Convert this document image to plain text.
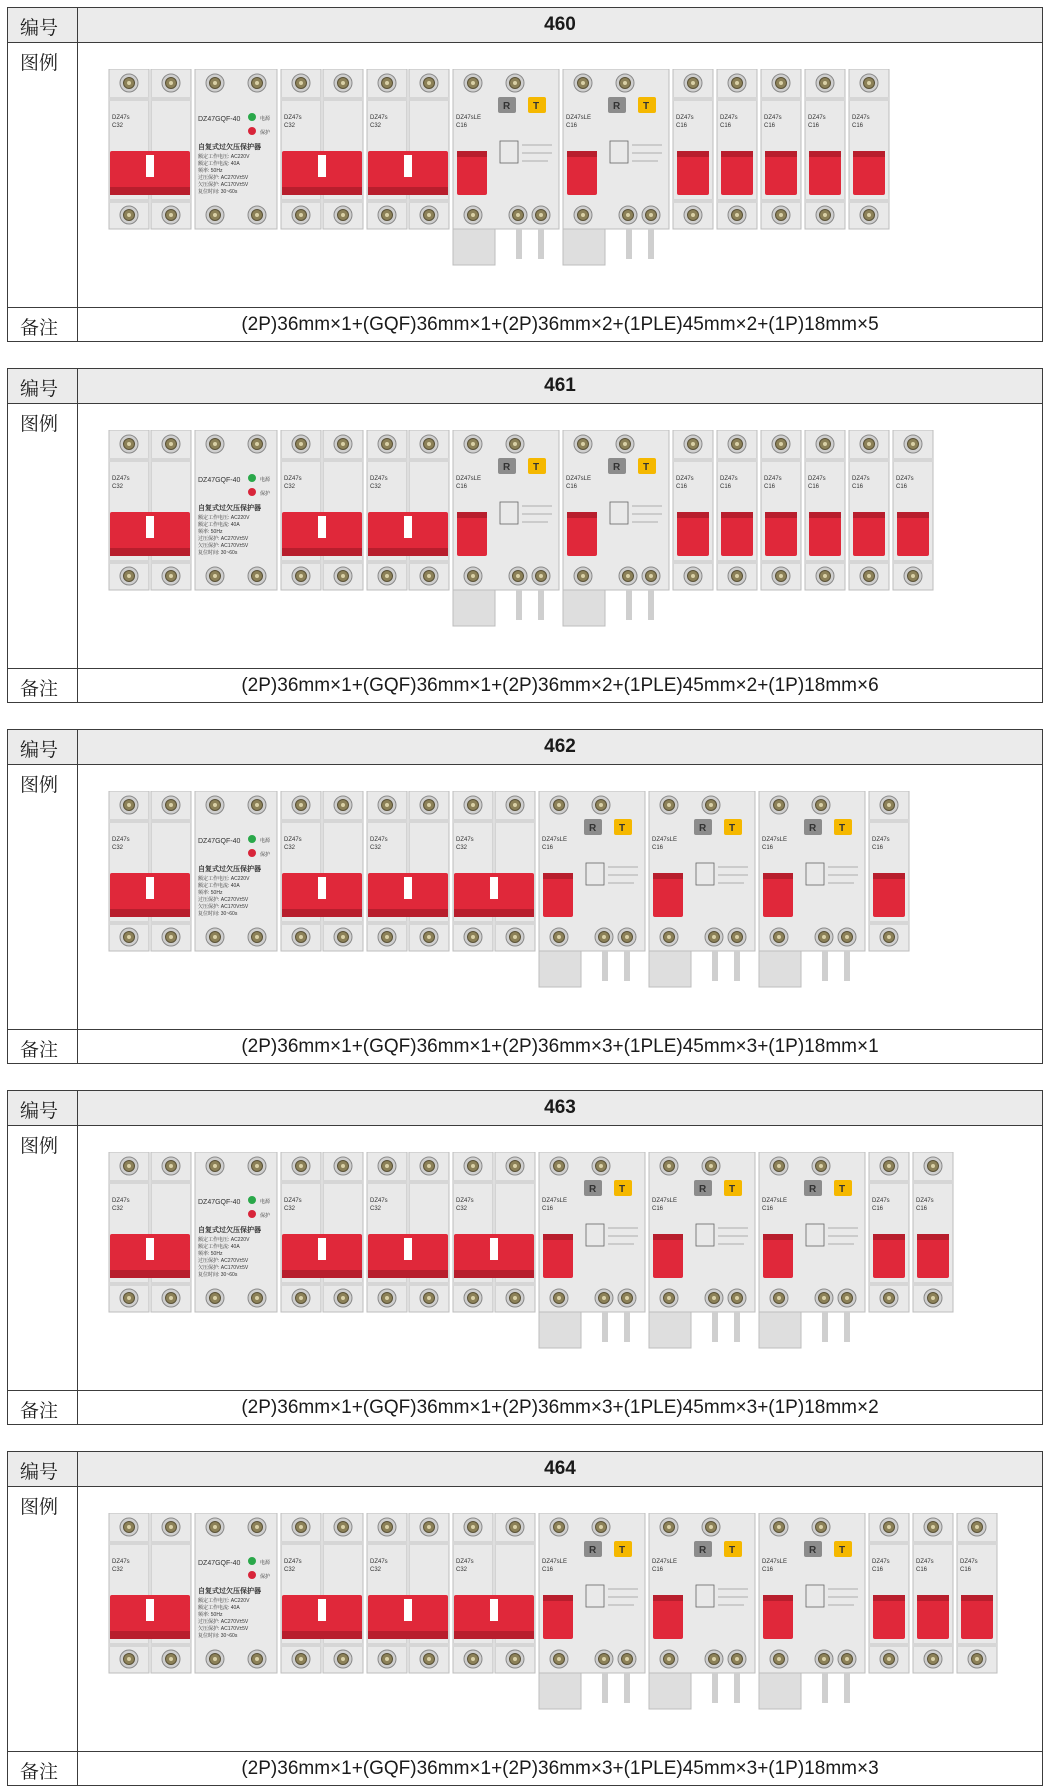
编号	460
图例
DZ47s
C32
DZ47GQF-40	电源
保护
自复式过欠压保护器
额定工作电压: AC220V
额定工作电流: 40A
频率: 50Hz
过压保护: AC270V±5V
欠压保护: AC170V±5V
复位时间: 30~60s
DZ47s
C32
DZ47s
C32
DZ47sLE
C16
R T
DZ47sLE
C16
R T
DZ47s
C16
DZ47s
C16
DZ47s
C16
DZ47s
C16
DZ47s
C16
备注	(2P)36mm×1+(GQF)36mm×1+(2P)36mm×2+(1PLE)45mm×2+(1P)18mm×5
编号	461
图例
DZ47s
C32
DZ47GQF-40	电源
保护
自复式过欠压保护器
额定工作电压: AC220V
额定工作电流: 40A
频率: 50Hz
过压保护: AC270V±5V
欠压保护: AC170V±5V
复位时间: 30~60s
DZ47s
C32
DZ47s
C32
DZ47sLE
C16
R T
DZ47sLE
C16
R T
DZ47s
C16
DZ47s
C16
DZ47s
C16
DZ47s
C16
DZ47s
C16
DZ47s
C16
备注	(2P)36mm×1+(GQF)36mm×1+(2P)36mm×2+(1PLE)45mm×2+(1P)18mm×6
编号	462
图例
DZ47s
C32
DZ47GQF-40	电源
保护
自复式过欠压保护器
额定工作电压: AC220V
额定工作电流: 40A
频率: 50Hz
过压保护: AC270V±5V
欠压保护: AC170V±5V
复位时间: 30~60s
DZ47s
C32
DZ47s
C32
DZ47s
C32
DZ47sLE
C16
R T
DZ47sLE
C16
R T
DZ47sLE
C16
R T
DZ47s
C16
备注	(2P)36mm×1+(GQF)36mm×1+(2P)36mm×3+(1PLE)45mm×3+(1P)18mm×1
编号	463
图例
DZ47s
C32
DZ47GQF-40	电源
保护
自复式过欠压保护器
额定工作电压: AC220V
额定工作电流: 40A
频率: 50Hz
过压保护: AC270V±5V
欠压保护: AC170V±5V
复位时间: 30~60s
DZ47s
C32
DZ47s
C32
DZ47s
C32
DZ47sLE
C16
R T
DZ47sLE
C16
R T
DZ47sLE
C16
R T
DZ47s
C16
DZ47s
C16
备注	(2P)36mm×1+(GQF)36mm×1+(2P)36mm×3+(1PLE)45mm×3+(1P)18mm×2
编号	464
图例
DZ47s
C32
DZ47GQF-40	电源
保护
自复式过欠压保护器
额定工作电压: AC220V
额定工作电流: 40A
频率: 50Hz
过压保护: AC270V±5V
欠压保护: AC170V±5V
复位时间: 30~60s
DZ47s
C32
DZ47s
C32
DZ47s
C32
DZ47sLE
C16
R T
DZ47sLE
C16
R T
DZ47sLE
C16
R T
DZ47s
C16
DZ47s
C16
DZ47s
C16
备注	(2P)36mm×1+(GQF)36mm×1+(2P)36mm×3+(1PLE)45mm×3+(1P)18mm×3
